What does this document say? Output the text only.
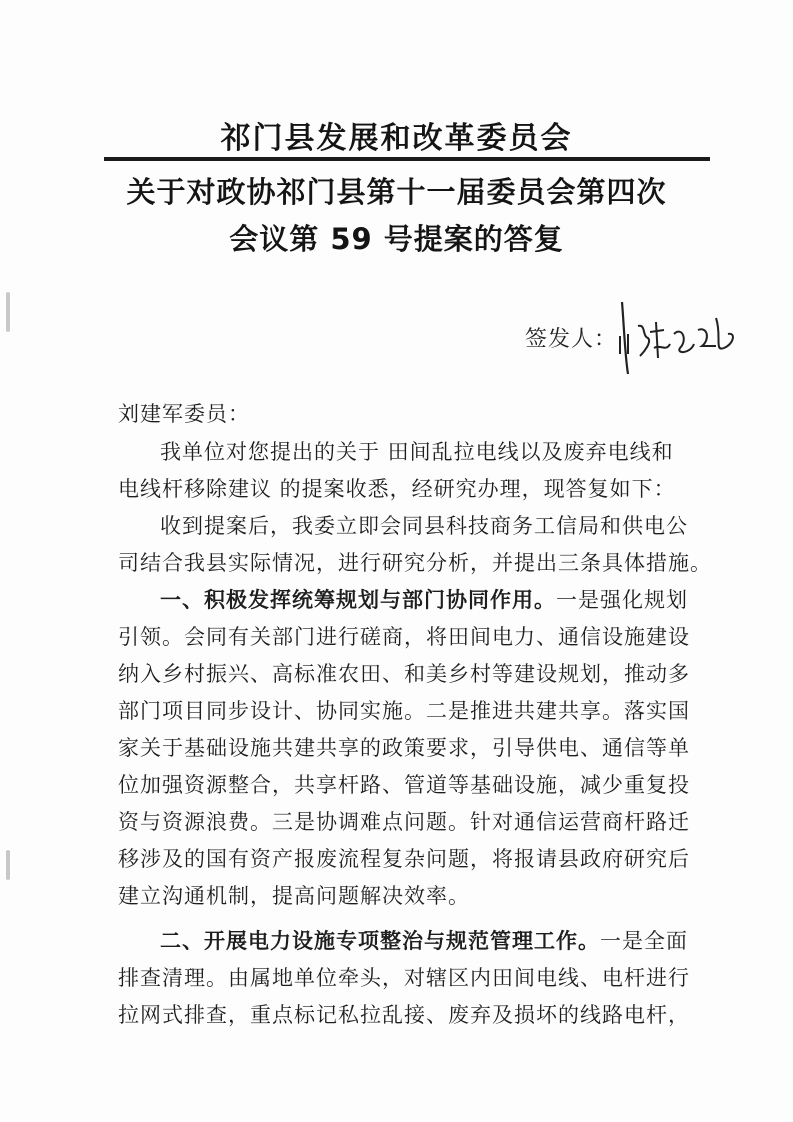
祁门县发展和改革委员会
关于对政协祁门县第十一届委员会第四次
会议第 59 号提案的答复
签发人：
刘建军委员：
我单位对您提出的关于 田间乱拉电线以及废弃电线和
电线杆移除建议 的提案收悉，经研究办理，现答复如下：
收到提案后，我委立即会同县科技商务工信局和供电公
司结合我县实际情况，进行研究分析，并提出三条具体措施。
一、积极发挥统筹规划与部门协同作用。一是强化规划
引领。会同有关部门进行磋商，将田间电力、通信设施建设
纳入乡村振兴、高标准农田、和美乡村等建设规划，推动多
部门项目同步设计、协同实施。二是推进共建共享。落实国
家关于基础设施共建共享的政策要求，引导供电、通信等单
位加强资源整合，共享杆路、管道等基础设施，减少重复投
资与资源浪费。三是协调难点问题。针对通信运营商杆路迁
移涉及的国有资产报废流程复杂问题，将报请县政府研究后
建立沟通机制，提高问题解决效率。
二、开展电力设施专项整治与规范管理工作。一是全面
排查清理。由属地单位牵头，对辖区内田间电线、电杆进行
拉网式排查，重点标记私拉乱接、废弃及损坏的线路电杆，
